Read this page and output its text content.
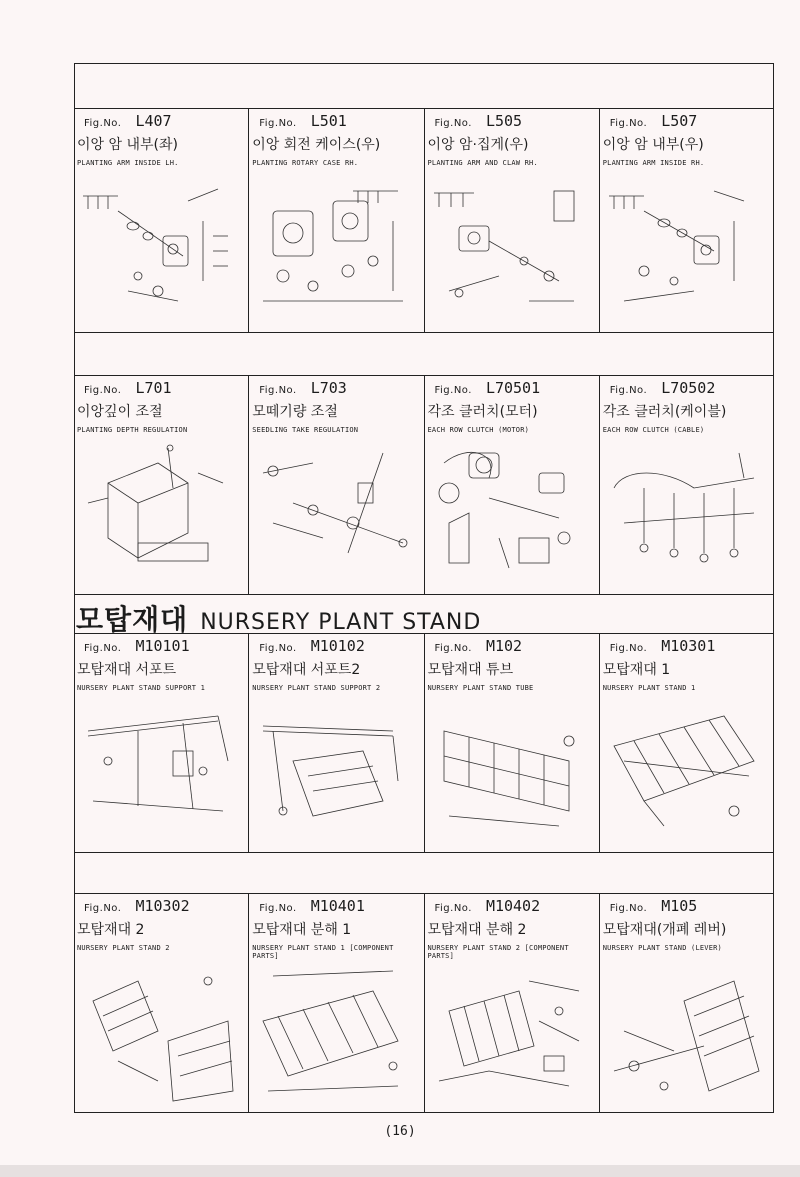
Fig.No. L407
이앙 암 내부(좌)
PLANTING ARM INSIDE LH.
Fig.No. L501
이앙 회전 케이스(우)
PLANTING ROTARY CASE RH.
Fig.No. L505
이앙 암·집게(우)
PLANTING ARM AND CLAW RH.
Fig.No. L507
이앙 암 내부(우)
PLANTING ARM INSIDE RH.
Fig.No. L701
이앙깊이 조절
PLANTING DEPTH REGULATION
Fig.No. L703
모떼기량 조절
SEEDLING TAKE REGULATION
Fig.No. L70501
각조 클러치(모터)
EACH ROW CLUTCH (MOTOR)
Fig.No. L70502
각조 클러치(케이블)
EACH ROW CLUTCH (CABLE)
모탑재대 NURSERY PLANT STAND
Fig.No. M10101
모탑재대 서포트
NURSERY PLANT STAND SUPPORT 1
Fig.No. M10102
모탑재대 서포트2
NURSERY PLANT STAND SUPPORT 2
Fig.No. M102
모탑재대 튜브
NURSERY PLANT STAND TUBE
Fig.No. M10301
모탑재대 1
NURSERY PLANT STAND 1
Fig.No. M10302
모탑재대 2
NURSERY PLANT STAND 2
Fig.No. M10401
모탑재대 분해 1
NURSERY PLANT STAND 1 [COMPONENT PARTS]
Fig.No. M10402
모탑재대 분해 2
NURSERY PLANT STAND 2 [COMPONENT PARTS]
Fig.No. M105
모탑재대(개폐 레버)
NURSERY PLANT STAND (LEVER)
(16)
